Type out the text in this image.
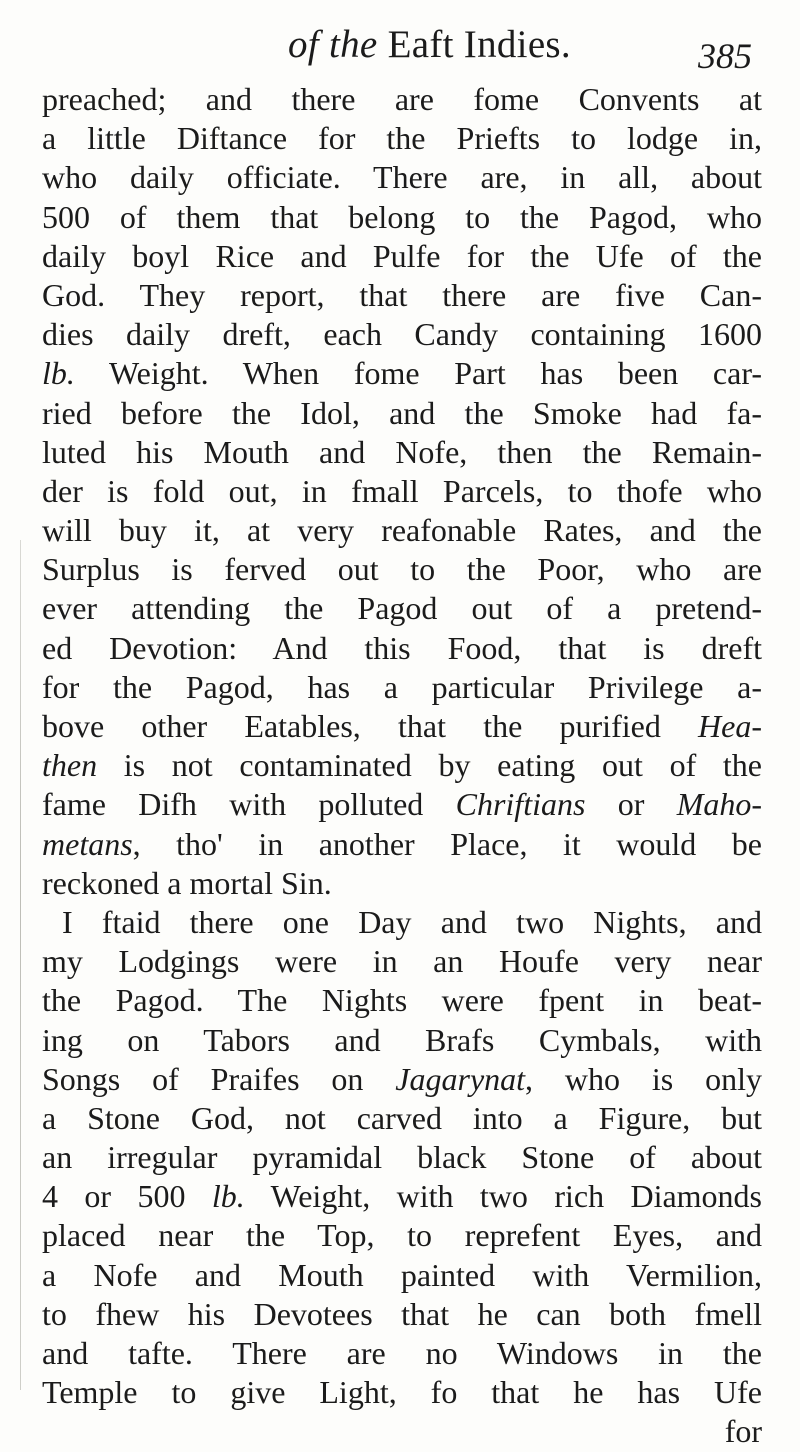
of the Eaft Indies.	385
preached; and there are fome Convents at
a little Diftance for the Priefts to lodge in,
who daily officiate. There are, in all, about
500 of them that belong to the Pagod, who
daily boyl Rice and Pulfe for the Ufe of the
God. They report, that there are five Can-
dies daily dreft, each Candy containing 1600
lb. Weight. When fome Part has been car-
ried before the Idol, and the Smoke had fa-
luted his Mouth and Nofe, then the Remain-
der is fold out, in fmall Parcels, to thofe who
will buy it, at very reafonable Rates, and the
Surplus is ferved out to the Poor, who are
ever attending the Pagod out of a pretend-
ed Devotion: And this Food, that is dreft
for the Pagod, has a particular Privilege a-
bove other Eatables, that the purified Hea-
then is not contaminated by eating out of the
fame Difh with polluted Chriftians or Maho-
metans, tho' in another Place, it would be
reckoned a mortal Sin.
I ftaid there one Day and two Nights, and
my Lodgings were in an Houfe very near
the Pagod. The Nights were fpent in beat-
ing on Tabors and Brafs Cymbals, with
Songs of Praifes on Jagarynat, who is only
a Stone God, not carved into a Figure, but
an irregular pyramidal black Stone of about
4 or 500 lb. Weight, with two rich Diamonds
placed near the Top, to reprefent Eyes, and
a Nofe and Mouth painted with Vermilion,
to fhew his Devotees that he can both fmell
and tafte. There are no Windows in the
Temple to give Light, fo that he has Ufe
for
